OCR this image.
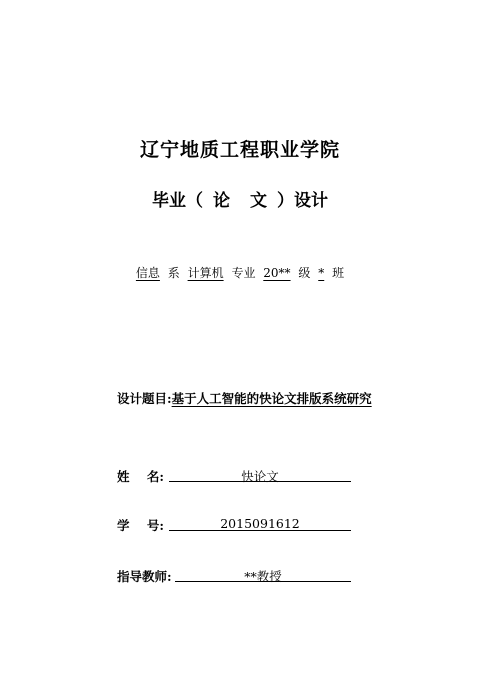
辽宁地质工程职业学院
毕业（ 论 文 ）设计
信息 系 计算机 专业 20** 级 * 班
设计题目:基于人工智能的快论文排版系统研究
姓    名:	快论文
学    号:	2015091612
指导教师:	**教授
